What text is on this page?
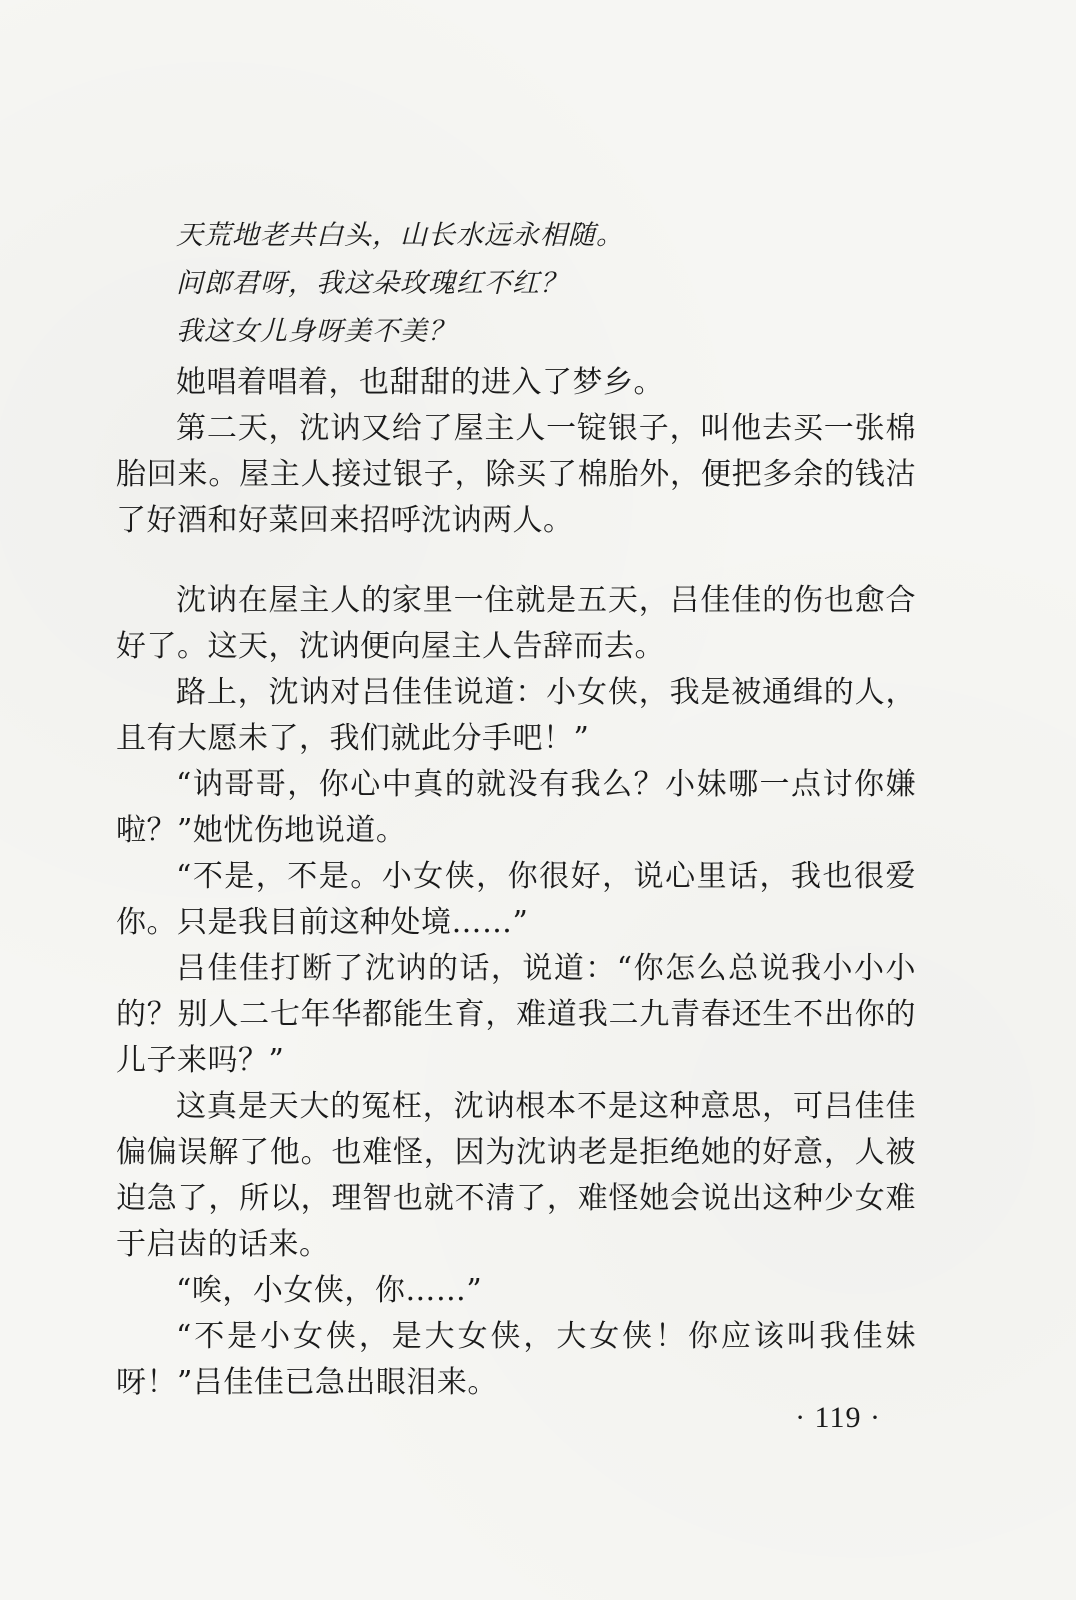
天荒地老共白头，山长水远永相随。

问郎君呀，我这朵玫瑰红不红？

我这女儿身呀美不美？

她唱着唱着，也甜甜的进入了梦乡。

第二天，沈讷又给了屋主人一锭银子，叫他去买一张棉胎回来。屋主人接过银子，除买了棉胎外，便把多余的钱沽了好酒和好菜回来招呼沈讷两人。

沈讷在屋主人的家里一住就是五天，吕佳佳的伤也愈合好了。这天，沈讷便向屋主人告辞而去。

路上，沈讷对吕佳佳说道：小女侠，我是被通缉的人，且有大愿未了，我们就此分手吧！”

“讷哥哥，你心中真的就没有我么？小妹哪一点讨你嫌啦？”她忧伤地说道。

“不是，不是。小女侠，你很好，说心里话，我也很爱你。只是我目前这种处境……”

吕佳佳打断了沈讷的话，说道：“你怎么总说我小小小的？别人二七年华都能生育，难道我二九青春还生不出你的儿子来吗？”

这真是天大的冤枉，沈讷根本不是这种意思，可吕佳佳偏偏误解了他。也难怪，因为沈讷老是拒绝她的好意，人被迫急了，所以，理智也就不清了，难怪她会说出这种少女难于启齿的话来。

“唉，小女侠，你……”

“不是小女侠，是大女侠，大女侠！你应该叫我佳妹呀！”吕佳佳已急出眼泪来。

· 119 ·
